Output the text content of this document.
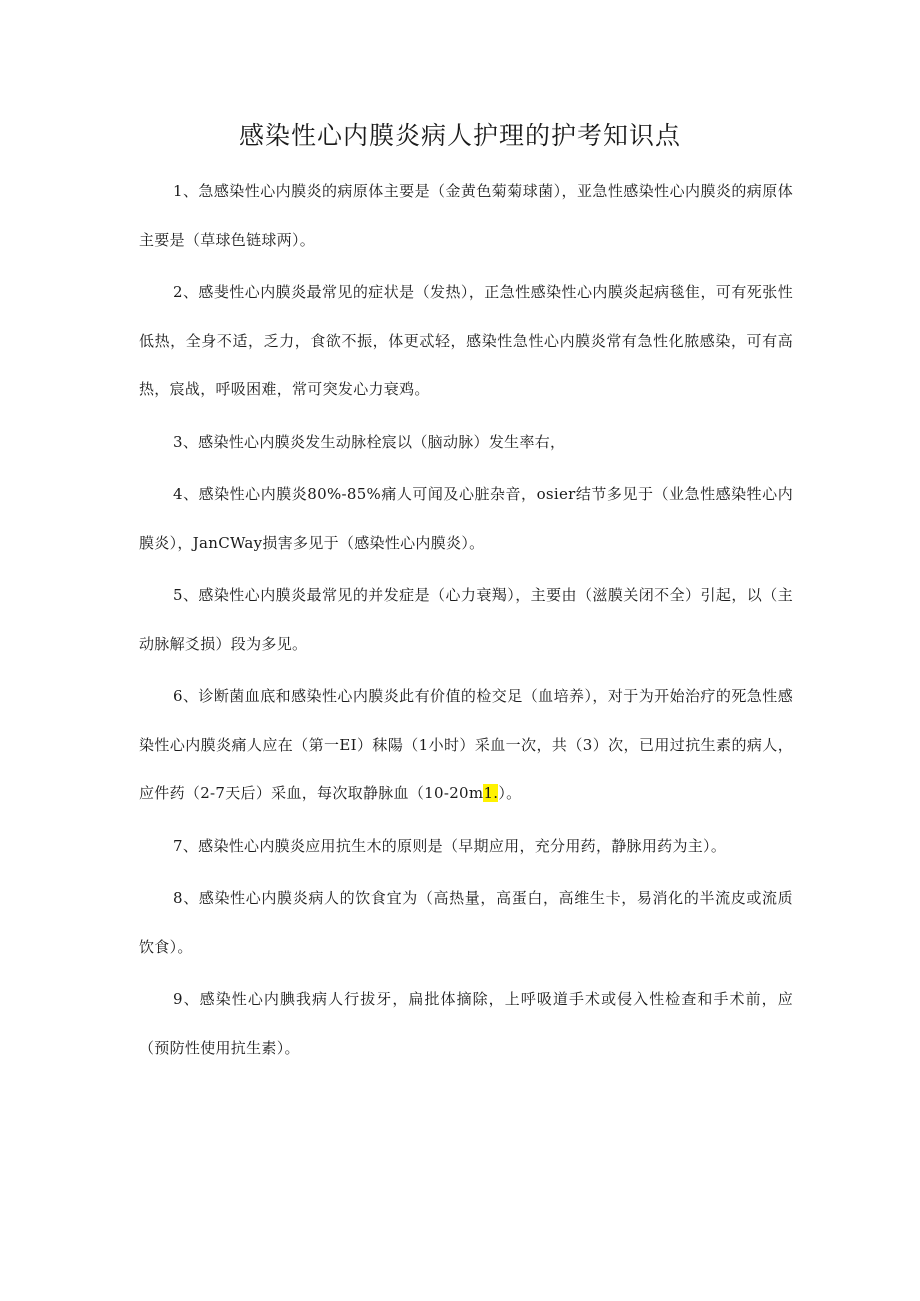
感染性心内膜炎病人护理的护考知识点

1、急感染性心内膜炎的病原体主要是（金黄色菊菊球菌），亚急性感染性心内膜炎的病原体主要是（草球色链球两）。

2、感斐性心内膜炎最常见的症状是（发热），正急性感染性心内膜炎起病毯隹，可有死张性低热，全身不适，乏力，食欲不振，体更忒轻，感染性急性心内膜炎常有急性化脓感染，可有高热，宸战，呼吸困难，常可突发心力衰鸡。

3、感染性心内膜炎发生动脉栓宸以（脑动脉）发生率右，

4、感染性心内膜炎80%-85%痛人可闻及心脏杂音，osier结节多见于（业急性感染牲心内膜炎），JanCWay损害多见于（感染性心内膜炎）。

5、感染性心内膜炎最常见的并发症是（心力衰羯），主要由（滋膜关闭不全）引起，以（主动脉解爻损）段为多见。

6、诊断菌血底和感染性心内膜炎此有价值的检交足（血培养），对于为开始治疗的死急性感染性心内膜炎痛人应在（第一EI）秣陽（1小时）采血一次，共（3）次，已用过抗生素的病人，应件药（2-7天后）采血，每次取静脉血（10-20m1.）。

7、感染性心内膜炎应用抗生木的原则是（早期应用，充分用药，静脉用药为主）。

8、感染性心内膜炎病人的饮食宜为（高热量，高蛋白，高维生卡，易消化的半流皮或流质饮食）。

9、感染性心内腆我病人行拔牙，扁批体摘除，上呼吸道手术或侵入性检查和手术前，应（预防性使用抗生素）。
